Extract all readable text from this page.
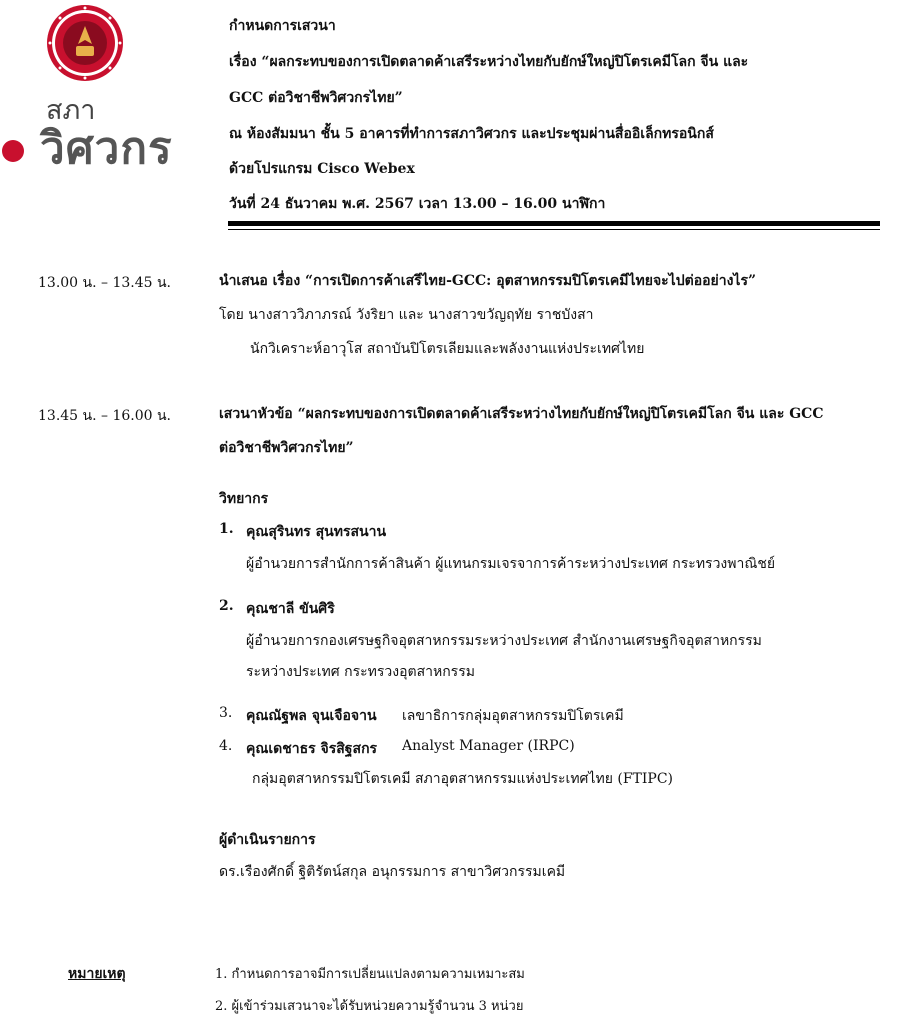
สภา
วิศวกร
กำหนดการเสวนา
เรื่อง “ผลกระทบของการเปิดตลาดค้าเสรีระหว่างไทยกับยักษ์ใหญ่ปิโตรเคมีโลก จีน และ
GCC ต่อวิชาชีพวิศวกรไทย”
ณ ห้องสัมมนา ชั้น 5 อาคารที่ทำการสภาวิศวกร และประชุมผ่านสื่ออิเล็กทรอนิกส์
ด้วยโปรแกรม Cisco Webex
วันที่ 24 ธันวาคม พ.ศ. 2567 เวลา 13.00 – 16.00 นาฬิกา
13.00 น. – 13.45 น.	นำเสนอ เรื่อง “การเปิดการค้าเสรีไทย-GCC: อุตสาหกรรมปิโตรเคมีไทยจะไปต่ออย่างไร”
โดย นางสาววิภาภรณ์ วังริยา และ นางสาวขวัญฤทัย ราชบังสา
นักวิเคราะห์อาวุโส สถาบันปิโตรเลียมและพลังงานแห่งประเทศไทย
13.45 น. – 16.00 น.	เสวนาหัวข้อ “ผลกระทบของการเปิดตลาดค้าเสรีระหว่างไทยกับยักษ์ใหญ่ปิโตรเคมีโลก จีน และ GCC
ต่อวิชาชีพวิศวกรไทย”
วิทยากร
1. คุณสุรินทร สุนทรสนาน
ผู้อำนวยการสำนักการค้าสินค้า ผู้แทนกรมเจรจาการค้าระหว่างประเทศ กระทรวงพาณิชย์
2. คุณชาลี ขันศิริ
ผู้อำนวยการกองเศรษฐกิจอุตสาหกรรมระหว่างประเทศ สำนักงานเศรษฐกิจอุตสาหกรรม
ระหว่างประเทศ กระทรวงอุตสาหกรรม
3. คุณณัฐพล จุนเจือจาน เลขาธิการกลุ่มอุตสาหกรรมปิโตรเคมี
4. คุณเดชาธร จิรสิฐสกร Analyst Manager (IRPC)
กลุ่มอุตสาหกรรมปิโตรเคมี สภาอุตสาหกรรมแห่งประเทศไทย (FTIPC)
ผู้ดำเนินรายการ
ดร.เรืองศักดิ์ ฐิติรัตน์สกุล อนุกรรมการ สาขาวิศวกรรมเคมี
หมายเหตุ	1. กำหนดการอาจมีการเปลี่ยนแปลงตามความเหมาะสม
2. ผู้เข้าร่วมเสวนาจะได้รับหน่วยความรู้จำนวน 3 หน่วย
